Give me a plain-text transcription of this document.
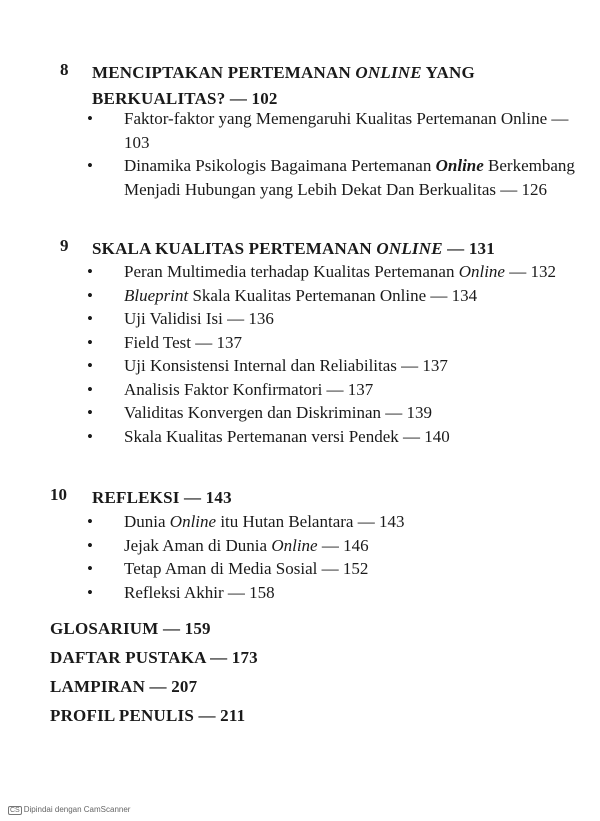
8 MENCIPTAKAN PERTEMANAN ONLINE YANG BERKUALITAS? — 102
• Faktor-faktor yang Memengaruhi Kualitas Pertemanan Online — 103
• Dinamika Psikologis Bagaimana Pertemanan Online Berkembang Menjadi Hubungan yang Lebih Dekat Dan Berkualitas — 126
9 SKALA KUALITAS PERTEMANAN ONLINE — 131
• Peran Multimedia terhadap Kualitas Pertemanan Online — 132
• Blueprint Skala Kualitas Pertemanan Online — 134
• Uji Validisi Isi — 136
• Field Test — 137
• Uji Konsistensi Internal dan Reliabilitas — 137
• Analisis Faktor Konfirmatori — 137
• Validitas Konvergen dan Diskriminan — 139
• Skala Kualitas Pertemanan versi Pendek — 140
10 REFLEKSI — 143
• Dunia Online itu Hutan Belantara — 143
• Jejak Aman di Dunia Online — 146
• Tetap Aman di Media Sosial — 152
• Refleksi Akhir — 158
GLOSARIUM — 159
DAFTAR PUSTAKA — 173
LAMPIRAN — 207
PROFIL PENULIS — 211
CS Dipindai dengan CamScanner
